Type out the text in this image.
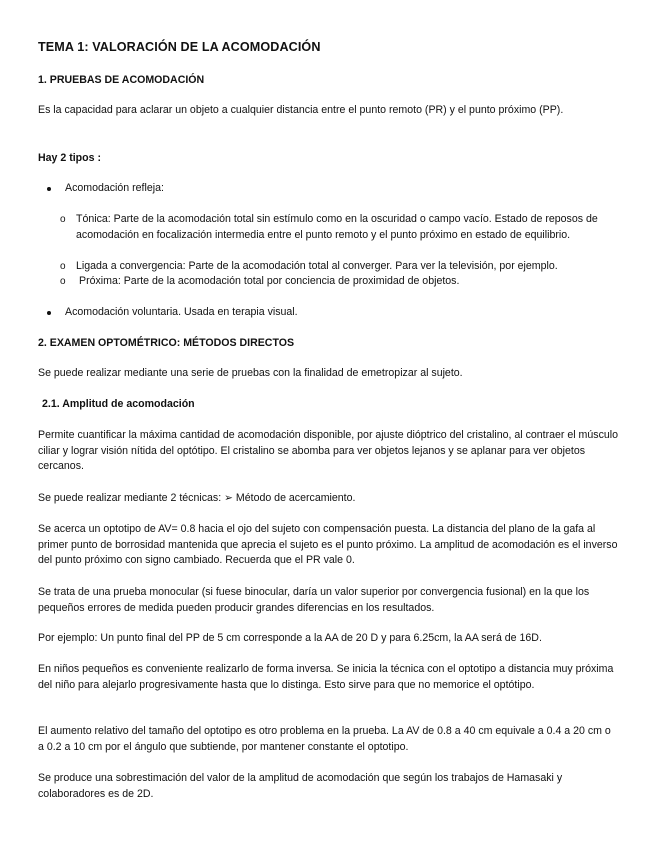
TEMA 1: VALORACIÓN DE LA ACOMODACIÓN

1. PRUEBAS DE ACOMODACIÓN

Es la capacidad para aclarar un objeto a cualquier distancia entre el punto remoto (PR) y el punto próximo (PP).

Hay 2 tipos :

Acomodación refleja:
o Tónica: Parte de la acomodación total sin estímulo como en la oscuridad o campo vacío. Estado de reposos de acomodación en focalización intermedia entre el punto remoto y el punto próximo en estado de equilibrio.
o Ligada a convergencia: Parte de la acomodación total al converger. Para ver la televisión, por ejemplo.
o Próxima: Parte de la acomodación total por conciencia de proximidad de objetos.
Acomodación voluntaria. Usada en terapia visual.

2. EXAMEN OPTOMÉTRICO: MÉTODOS DIRECTOS

Se puede realizar mediante una serie de pruebas con la finalidad de emetropizar al sujeto.

2.1. Amplitud de acomodación

Permite cuantificar la máxima cantidad de acomodación disponible, por ajuste dióptrico del cristalino, al contraer el músculo ciliar y lograr visión nítida del optótipo. El cristalino se abomba para ver objetos lejanos y se aplanar para ver objetos cercanos.

Se puede realizar mediante 2 técnicas: ➢ Método de acercamiento.

Se acerca un optotipo de AV= 0.8 hacia el ojo del sujeto con compensación puesta. La distancia del plano de la gafa al primer punto de borrosidad mantenida que aprecia el sujeto es el punto próximo. La amplitud de acomodación es el inverso del punto próximo con signo cambiado. Recuerda que el PR vale 0.

Se trata de una prueba monocular (si fuese binocular, daría un valor superior por convergencia fusional) en la que los pequeños errores de medida pueden producir grandes diferencias en los resultados.

Por ejemplo: Un punto final del PP de 5 cm corresponde a la AA de 20 D y para 6.25cm, la AA será de 16D.

En niños pequeños es conveniente realizarlo de forma inversa. Se inicia la técnica con el optotipo a distancia muy próxima del niño para alejarlo progresivamente hasta que lo distinga. Esto sirve para que no memorice el optótipo.

El aumento relativo del tamaño del optotipo es otro problema en la prueba. La AV de 0.8 a 40 cm equivale a 0.4 a 20 cm o a 0.2 a 10 cm por el ángulo que subtiende, por mantener constante el optotipo.

Se produce una sobrestimación del valor de la amplitud de acomodación que según los trabajos de Hamasaki y colaboradores es de 2D.
